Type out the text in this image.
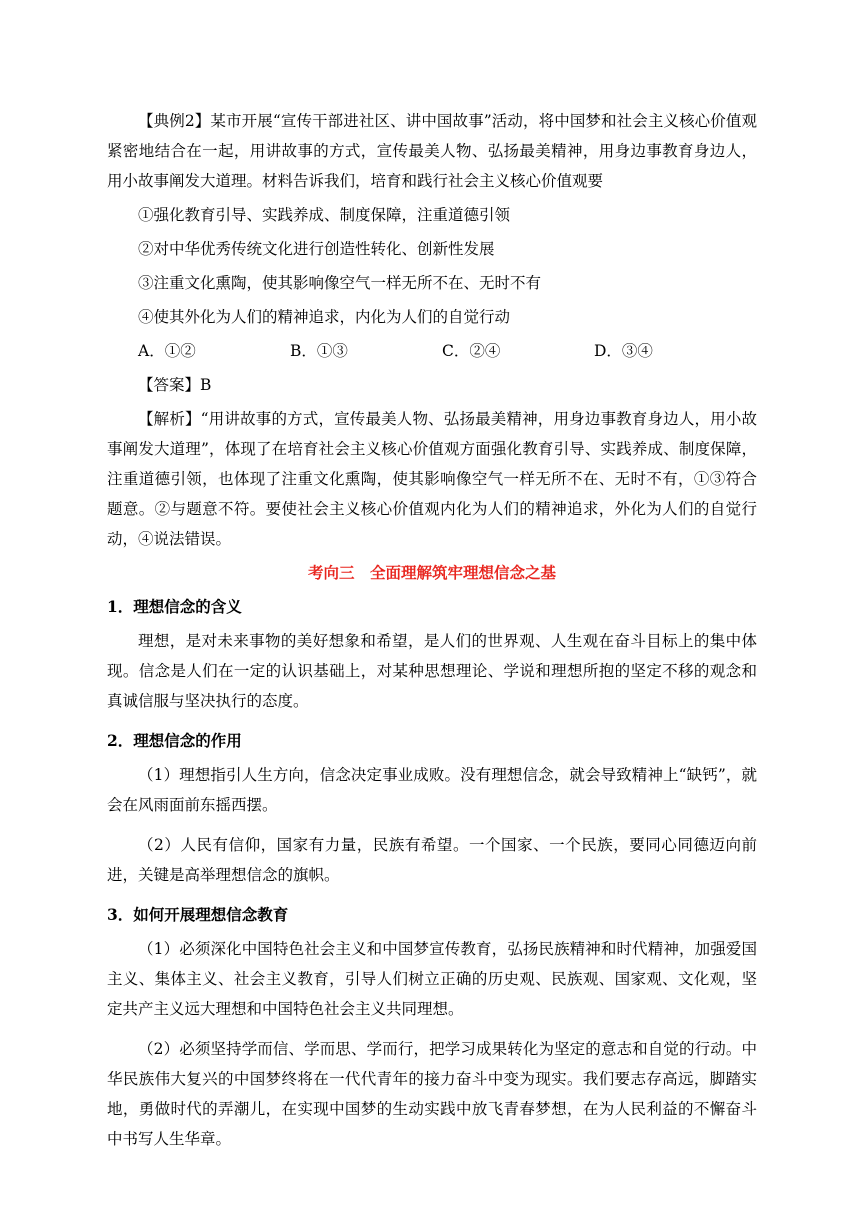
【典例2】某市开展“宣传干部进社区、讲中国故事”活动，将中国梦和社会主义核心价值观紧密地结合在一起，用讲故事的方式，宣传最美人物、弘扬最美精神，用身边事教育身边人，用小故事阐发大道理。材料告诉我们，培育和践行社会主义核心价值观要

①强化教育引导、实践养成、制度保障，注重道德引领

②对中华优秀传统文化进行创造性转化、创新性发展

③注重文化熏陶，使其影响像空气一样无所不在、无时不有

④使其外化为人们的精神追求，内化为人们的自觉行动

A．①②	B．①③	C．②④	D．③④

【答案】B

【解析】“用讲故事的方式，宣传最美人物、弘扬最美精神，用身边事教育身边人，用小故事阐发大道理”，体现了在培育社会主义核心价值观方面强化教育引导、实践养成、制度保障，注重道德引领，也体现了注重文化熏陶，使其影响像空气一样无所不在、无时不有，①③符合题意。②与题意不符。要使社会主义核心价值观内化为人们的精神追求，外化为人们的自觉行动，④说法错误。

考向三　全面理解筑牢理想信念之基

1．理想信念的含义

理想，是对未来事物的美好想象和希望，是人们的世界观、人生观在奋斗目标上的集中体现。信念是人们在一定的认识基础上，对某种思想理论、学说和理想所抱的坚定不移的观念和真诚信服与坚决执行的态度。

2．理想信念的作用

（1）理想指引人生方向，信念决定事业成败。没有理想信念，就会导致精神上“缺钙”，就会在风雨面前东摇西摆。

（2）人民有信仰，国家有力量，民族有希望。一个国家、一个民族，要同心同德迈向前进，关键是高举理想信念的旗帜。

3．如何开展理想信念教育

（1）必须深化中国特色社会主义和中国梦宣传教育，弘扬民族精神和时代精神，加强爱国主义、集体主义、社会主义教育，引导人们树立正确的历史观、民族观、国家观、文化观，坚定共产主义远大理想和中国特色社会主义共同理想。

（2）必须坚持学而信、学而思、学而行，把学习成果转化为坚定的意志和自觉的行动。中华民族伟大复兴的中国梦终将在一代代青年的接力奋斗中变为现实。我们要志存高远，脚踏实地，勇做时代的弄潮儿，在实现中国梦的生动实践中放飞青春梦想，在为人民利益的不懈奋斗中书写人生华章。
